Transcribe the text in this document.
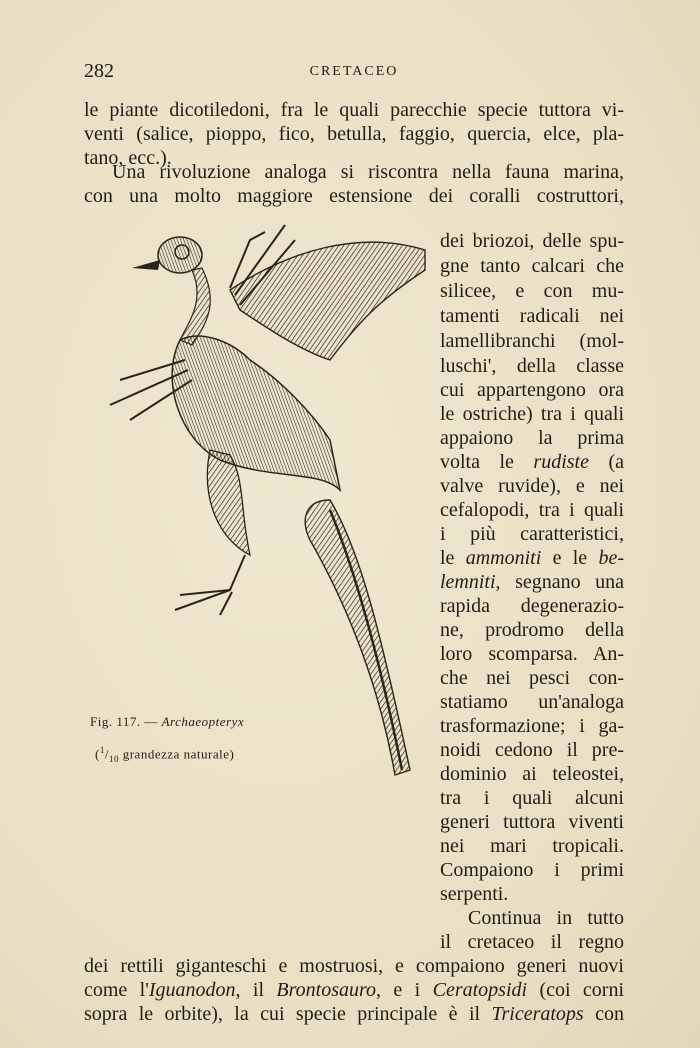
282	CRETACEO
le piante dicotiledoni, fra le quali parecchie specie tuttora vi-
venti (salice, pioppo, fico, betulla, faggio, quercia, elce, pla-
tano, ecc.).
Una rivoluzione analoga si riscontra nella fauna marina,
con una molto maggiore estensione dei coralli costruttori,
dei briozoi, delle spu-
gne tanto calcari che
silicee, e con mu-
tamenti radicali nei
lamellibranchi (mol-
luschi', della classe
cui appartengono ora
le ostriche) tra i quali
appaiono la prima
volta le rudiste (a
valve ruvide), e nei
cefalopodi, tra i quali
i più caratteristici,
le ammoniti e le be-
lemniti, segnano una
rapida degenerazio-
ne, prodromo della
loro scomparsa. An-
che nei pesci con-
statiamo un'analoga
trasformazione; i ga-
noidi cedono il pre-
dominio ai teleostei,
tra i quali alcuni
generi tuttora viventi
nei mari tropicali.
Compaiono i primi
serpenti.
Continua in tutto
il cretaceo il regno
dei rettili giganteschi e mostruosi, e compaiono generi nuovi
come l'Iguanodon, il Brontosauro, e i Ceratopsidi (coi corni
sopra le orbite), la cui specie principale è il Triceratops con
Fig. 117. — Archaeopteryx
($^1/_{10}$ grandezza naturale)
